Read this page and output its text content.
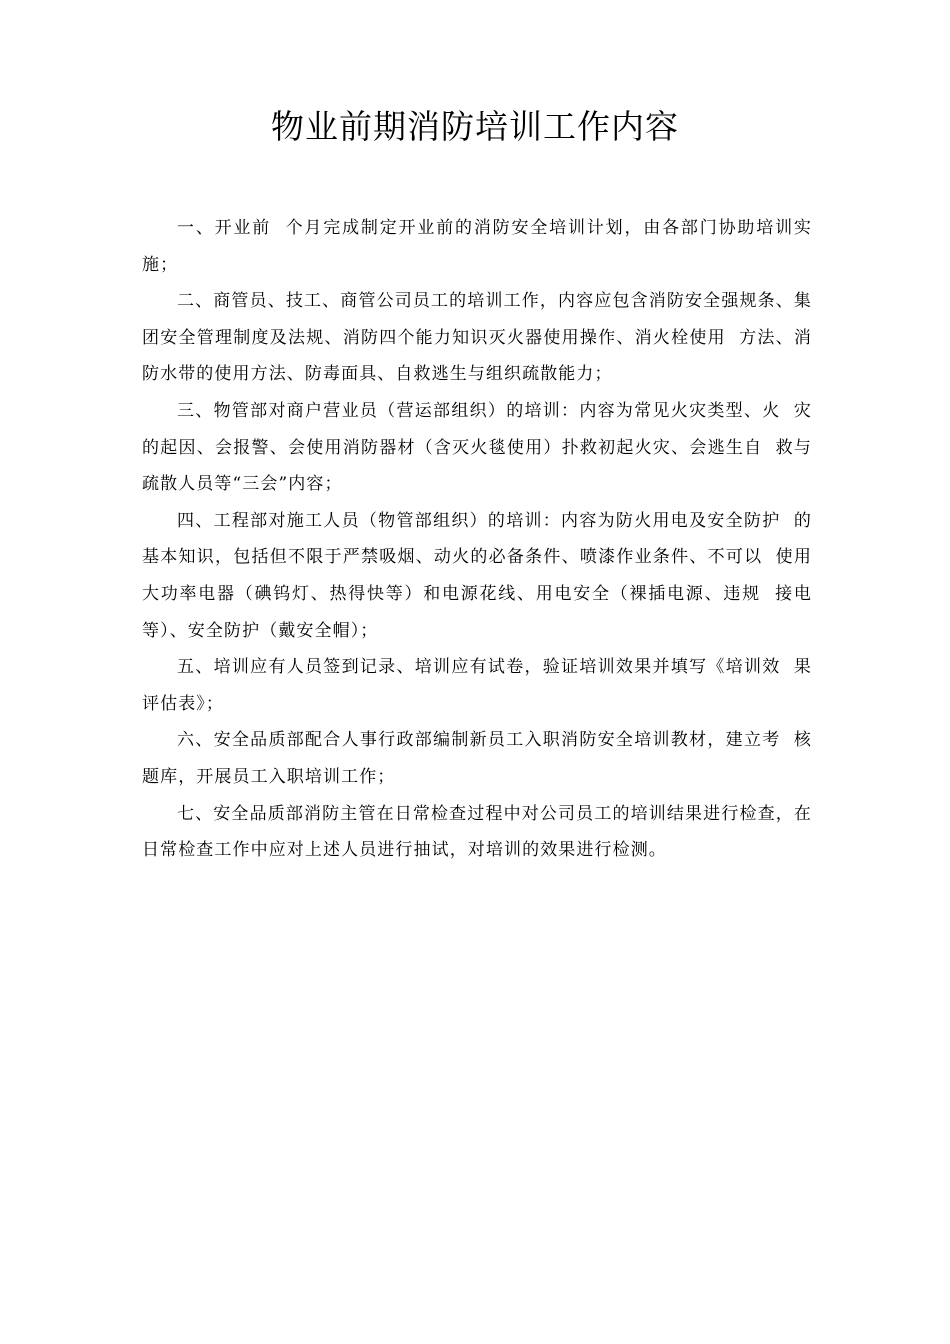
物业前期消防培训工作内容

一、开业前  个月完成制定开业前的消防安全培训计划，由各部门协助培训实施；

二、商管员、技工、商管公司员工的培训工作，内容应包含消防安全强规条、集团安全管理制度及法规、消防四个能力知识灭火器使用操作、消火栓使用  方法、消防水带的使用方法、防毒面具、自救逃生与组织疏散能力；

三、物管部对商户营业员（营运部组织）的培训：内容为常见火灾类型、火  灾的起因、会报警、会使用消防器材（含灭火毯使用）扑救初起火灾、会逃生自  救与疏散人员等“三会”内容；

四、工程部对施工人员（物管部组织）的培训：内容为防火用电及安全防护  的基本知识，包括但不限于严禁吸烟、动火的必备条件、喷漆作业条件、不可以  使用大功率电器（碘钨灯、热得快等）和电源花线、用电安全（裸插电源、违规  接电等）、安全防护（戴安全帽）；

五、培训应有人员签到记录、培训应有试卷，验证培训效果并填写《培训效  果评估表》；

六、安全品质部配合人事行政部编制新员工入职消防安全培训教材，建立考  核题库，开展员工入职培训工作；

七、安全品质部消防主管在日常检查过程中对公司员工的培训结果进行检查，在日常检查工作中应对上述人员进行抽试，对培训的效果进行检测。
